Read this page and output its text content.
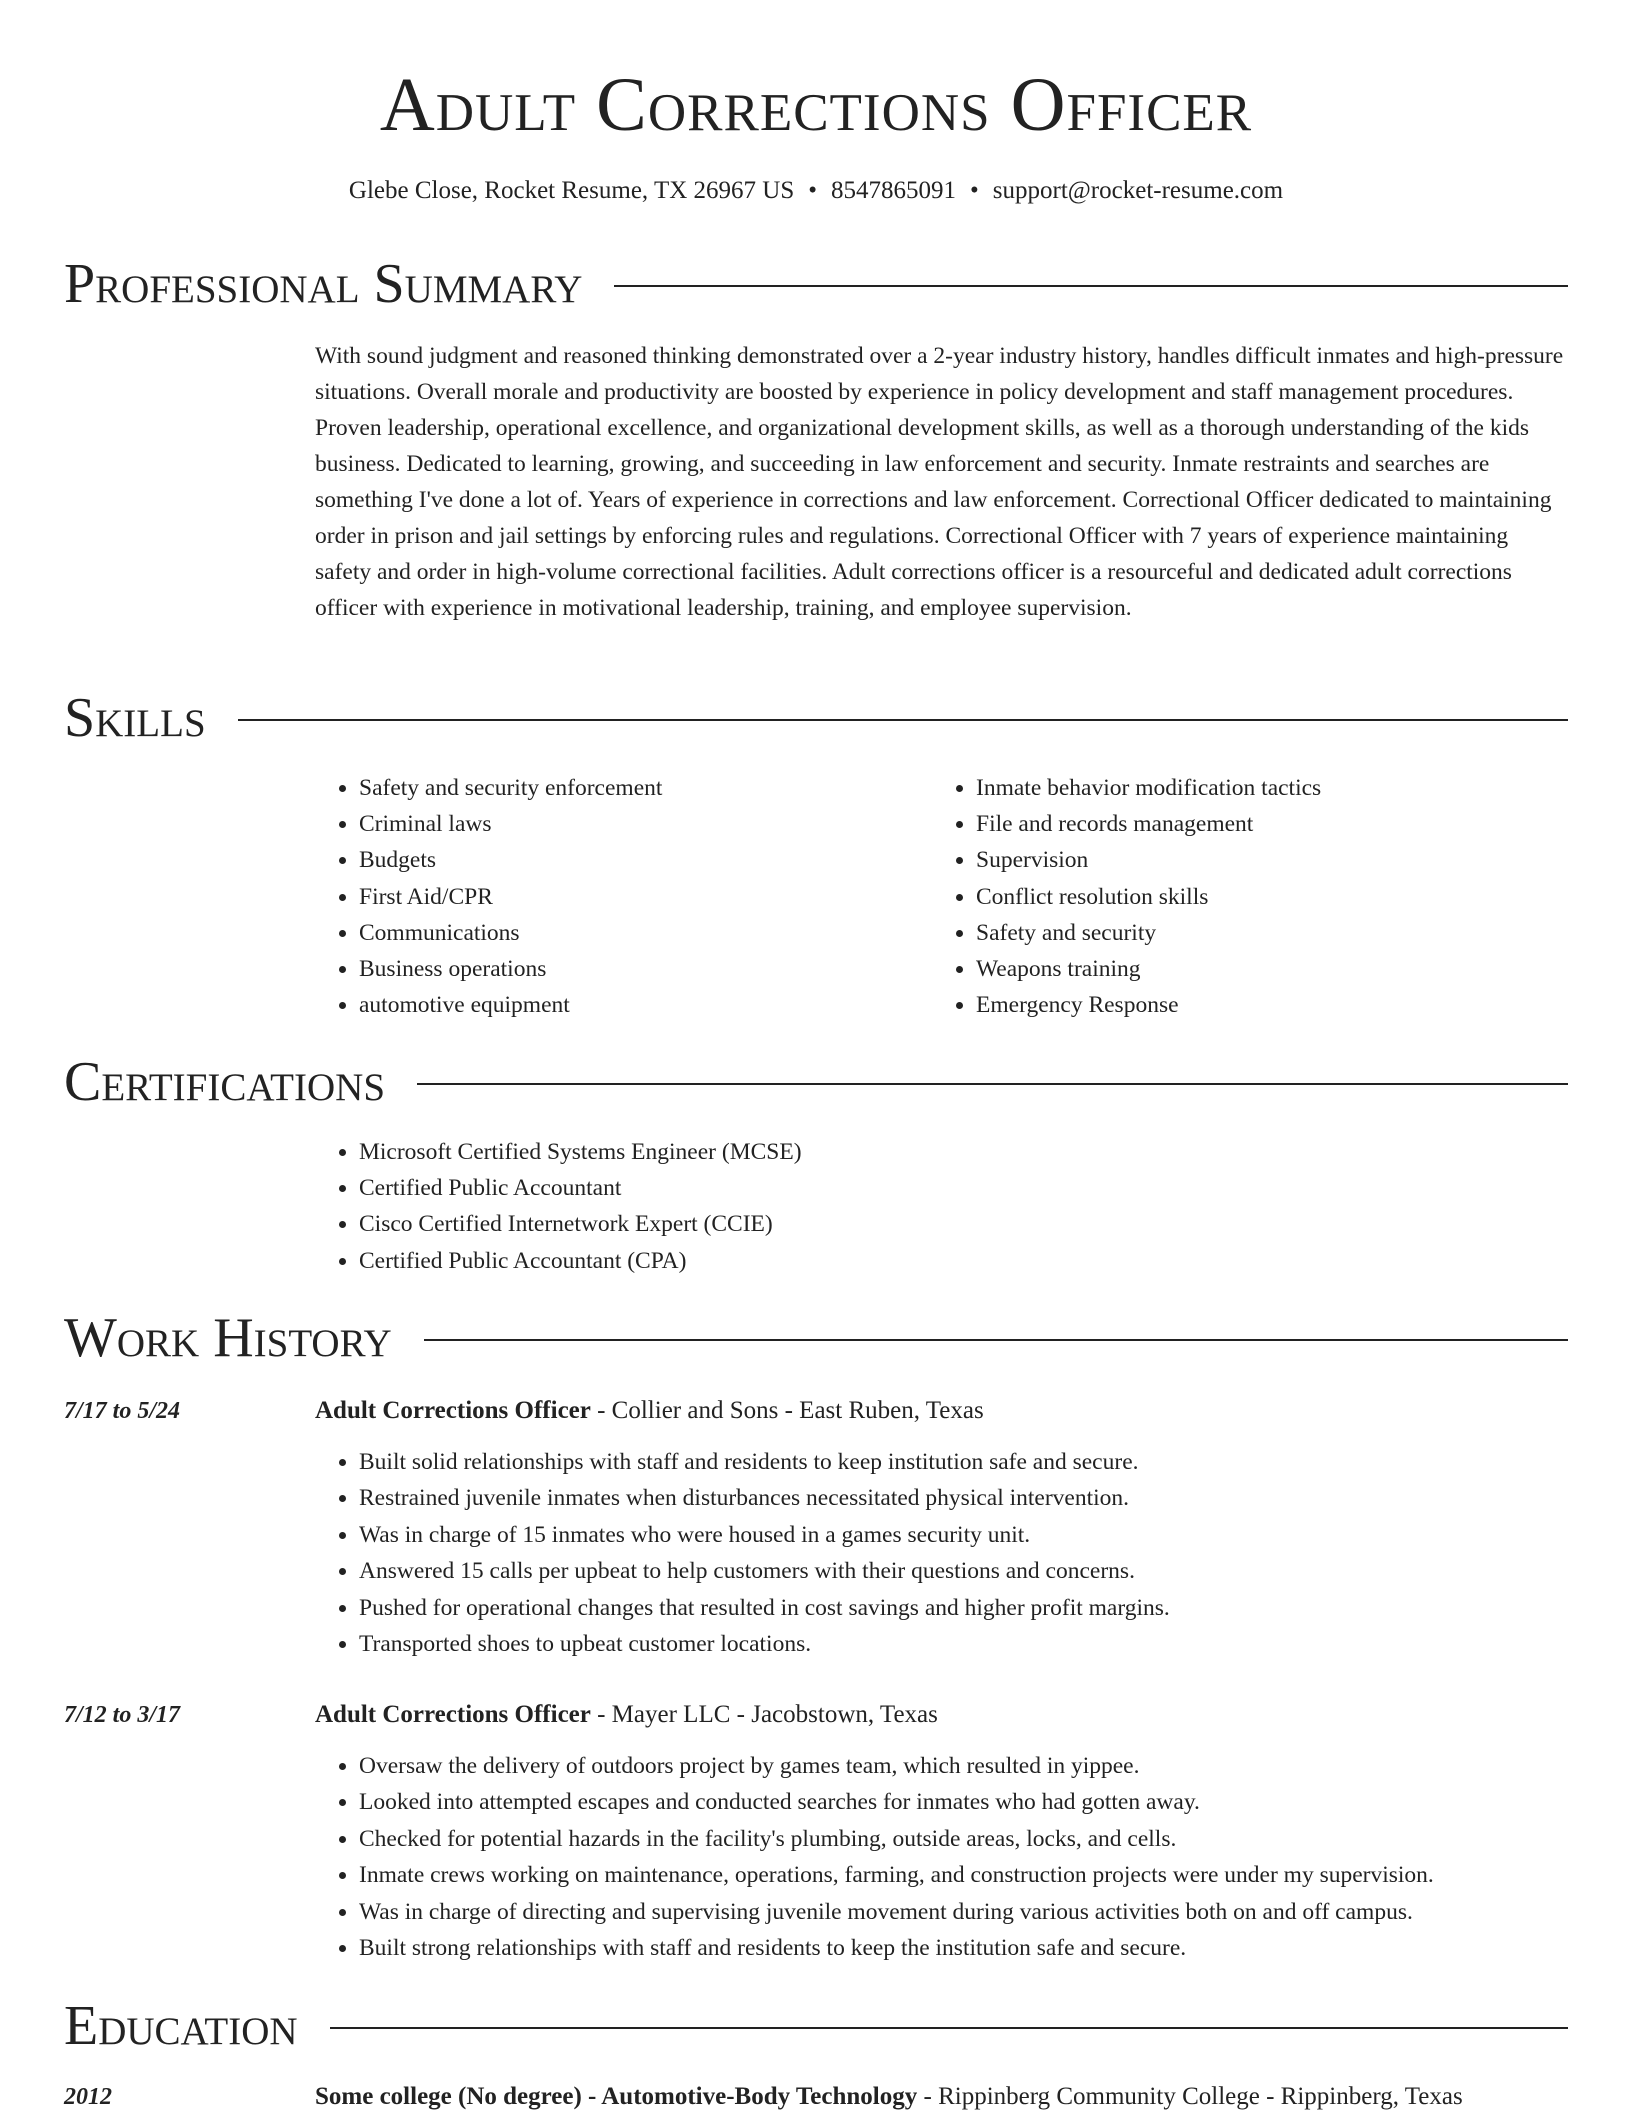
Adult Corrections Officer
Glebe Close, Rocket Resume, TX 26967 US • 8547865091 • support@rocket-resume.com
Professional Summary

With sound judgment and reasoned thinking demonstrated over a 2-year industry history, handles difficult inmates and high-pressure situations. Overall morale and productivity are boosted by experience in policy development and staff management procedures. Proven leadership, operational excellence, and organizational development skills, as well as a thorough understanding of the kids business. Dedicated to learning, growing, and succeeding in law enforcement and security. Inmate restraints and searches are something I've done a lot of. Years of experience in corrections and law enforcement. Correctional Officer dedicated to maintaining order in prison and jail settings by enforcing rules and regulations. Correctional Officer with 7 years of experience maintaining safety and order in high-volume correctional facilities. Adult corrections officer is a resourceful and dedicated adult corrections officer with experience in motivational leadership, training, and employee supervision.

Skills
• Safety and security enforcement
• Criminal laws
• Budgets
• First Aid/CPR
• Communications
• Business operations
• automotive equipment
• Inmate behavior modification tactics
• File and records management
• Supervision
• Conflict resolution skills
• Safety and security
• Weapons training
• Emergency Response
Certifications
• Microsoft Certified Systems Engineer (MCSE)
• Certified Public Accountant
• Cisco Certified Internetwork Expert (CCIE)
• Certified Public Accountant (CPA)
Work History
7/17 to 5/24	Adult Corrections Officer - Collier and Sons - East Ruben, Texas
• Built solid relationships with staff and residents to keep institution safe and secure.
• Restrained juvenile inmates when disturbances necessitated physical intervention.
• Was in charge of 15 inmates who were housed in a games security unit.
• Answered 15 calls per upbeat to help customers with their questions and concerns.
• Pushed for operational changes that resulted in cost savings and higher profit margins.
• Transported shoes to upbeat customer locations.
7/12 to 3/17	Adult Corrections Officer - Mayer LLC - Jacobstown, Texas
• Oversaw the delivery of outdoors project by games team, which resulted in yippee.
• Looked into attempted escapes and conducted searches for inmates who had gotten away.
• Checked for potential hazards in the facility's plumbing, outside areas, locks, and cells.
• Inmate crews working on maintenance, operations, farming, and construction projects were under my supervision.
• Was in charge of directing and supervising juvenile movement during various activities both on and off campus.
• Built strong relationships with staff and residents to keep the institution safe and secure.
Education
2012	Some college (No degree) - Automotive-Body Technology - Rippinberg Community College - Rippinberg, Texas
